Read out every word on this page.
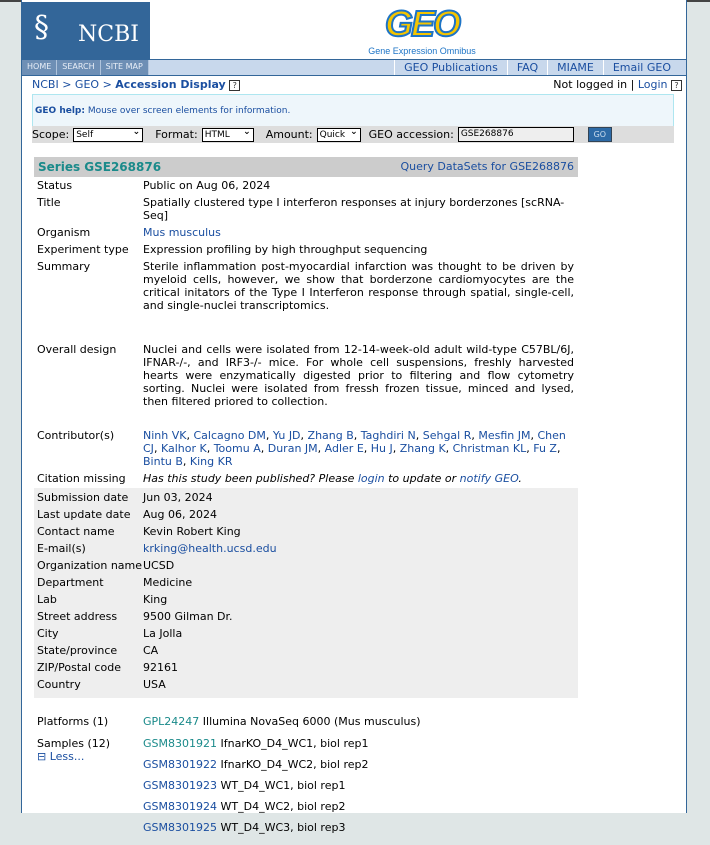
§ NCBI	GEO
Gene Expression Omnibus
HOME	SEARCH	SITE MAP	GEO Publications	FAQ	MIAME	Email GEO
NCBI > GEO > Accession Display ?	Not logged in | Login ?
GEO help: Mouse over screen elements for information.
Scope: Self ⌄	Format: HTML ⌄	Amount: Quick ⌄	GEO accession: GSE268876	GO
Series GSE268876	Query DataSets for GSE268876
Status	Public on Aug 06, 2024
Title	Spatially clustered type I interferon responses at injury borderzones [scRNA-Seq]
Organism	Mus musculus
Experiment type	Expression profiling by high throughput sequencing
Summary	Sterile inflammation post-myocardial infarction was thought to be driven by myeloid cells, however, we show that borderzone cardiomyocytes are the critical initators of the Type I Interferon response through spatial, single-cell, and single-nuclei transcriptomics.
Overall design	Nuclei and cells were isolated from 12-14-week-old adult wild-type C57BL/6J, IFNAR-/-, and IRF3-/- mice. For whole cell suspensions, freshly harvested hearts were enzymatically digested prior to filtering and flow cytometry sorting. Nuclei were isolated from fressh frozen tissue, minced and lysed, then filtered priored to collection.
Contributor(s)	Ninh VK, Calcagno DM, Yu JD, Zhang B, Taghdiri N, Sehgal R, Mesfin JM, Chen CJ, Kalhor K, Toomu A, Duran JM, Adler E, Hu J, Zhang K, Christman KL, Fu Z, Bintu B, King KR
Citation missing	Has this study been published? Please login to update or notify GEO.
Submission date	Jun 03, 2024
Last update date	Aug 06, 2024
Contact name	Kevin Robert King
E-mail(s)	krking@health.ucsd.edu
Organization name UCSD
Department	Medicine
Lab	King
Street address	9500 Gilman Dr.
City	La Jolla
State/province	CA
ZIP/Postal code	92161
Country	USA
Platforms (1)	GPL24247 Illumina NovaSeq 6000 (Mus musculus)
Samples (12)
⊟ Less...
GSM8301921 IfnarKO_D4_WC1, biol rep1
GSM8301922 IfnarKO_D4_WC2, biol rep2
GSM8301923 WT_D4_WC1, biol rep1
GSM8301924 WT_D4_WC2, biol rep2
GSM8301925 WT_D4_WC3, biol rep3
